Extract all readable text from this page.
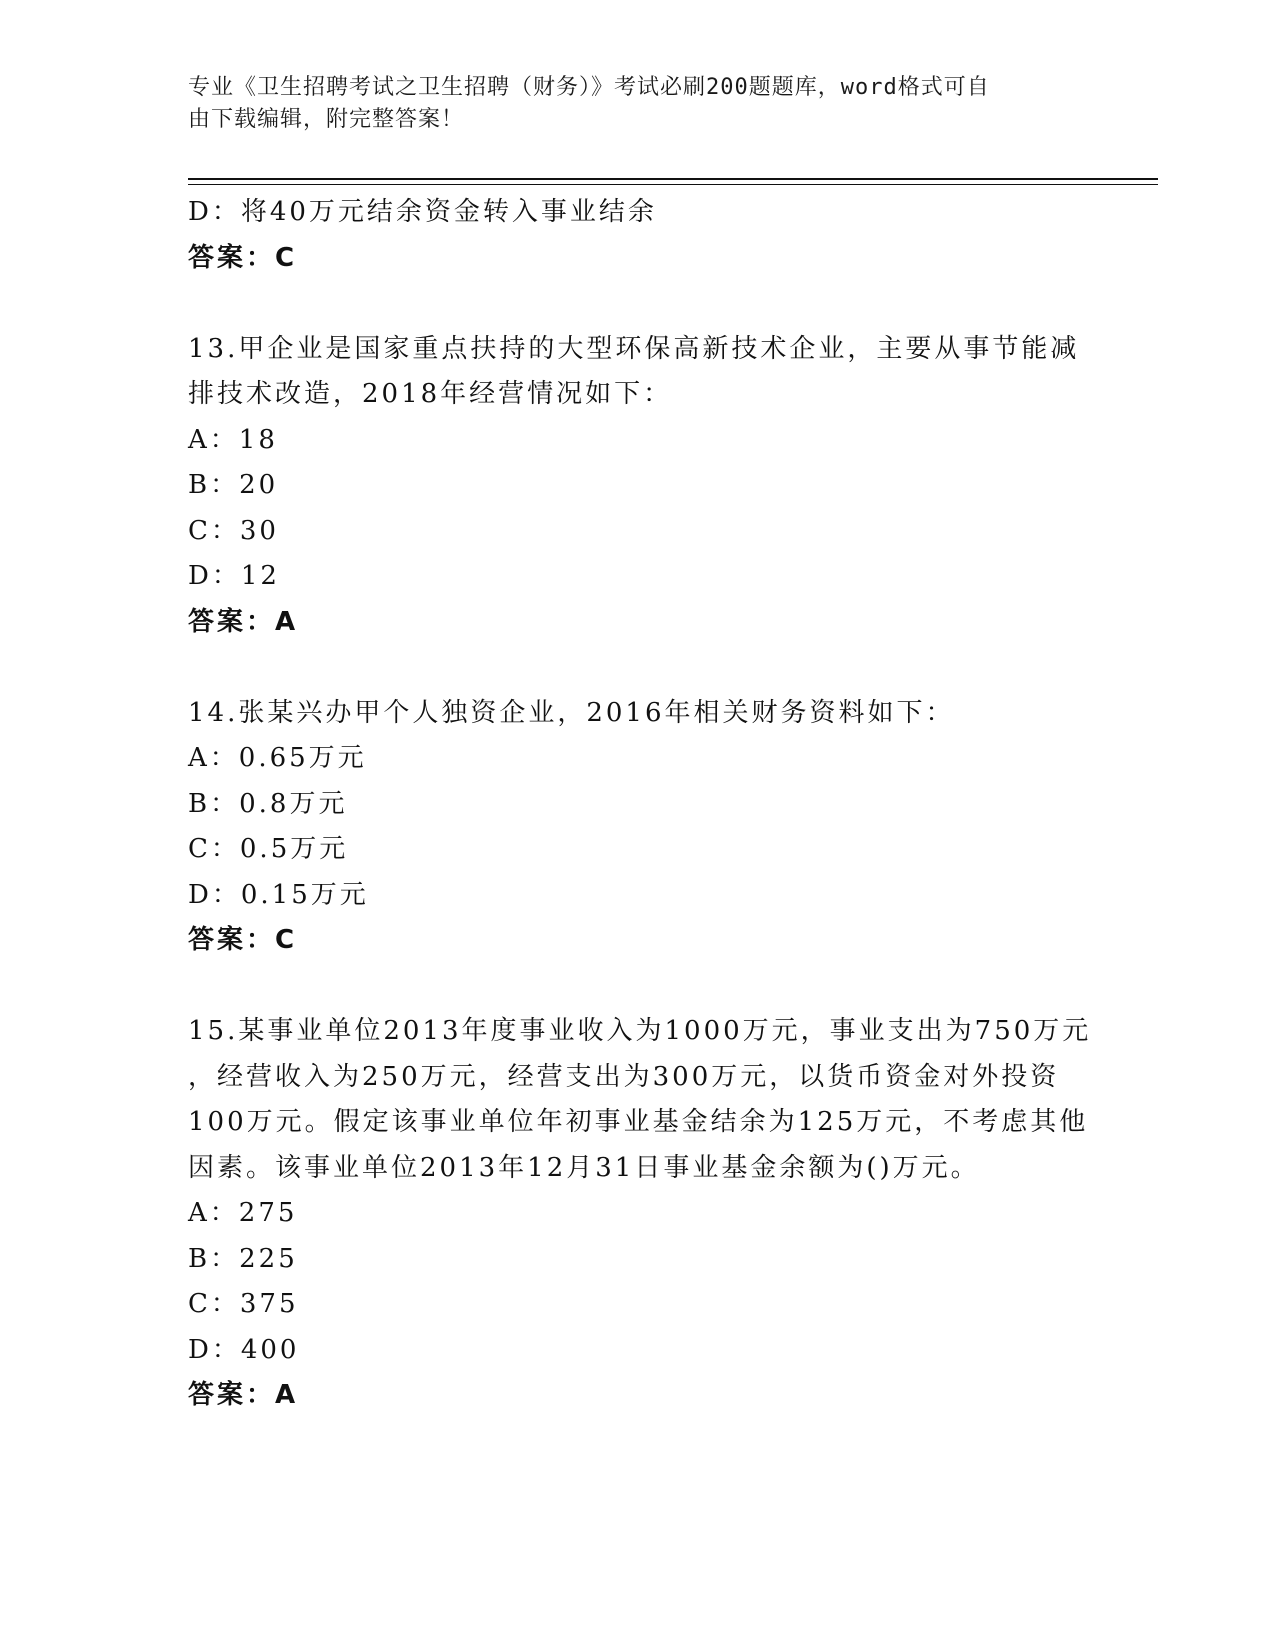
专业《卫生招聘考试之卫生招聘（财务）》考试必刷200题题库，word格式可自
由下载编辑，附完整答案！
D：将40万元结余资金转入事业结余
答案：C
13.甲企业是国家重点扶持的大型环保高新技术企业，主要从事节能减
排技术改造，2018年经营情况如下：
A：18
B：20
C：30
D：12
答案：A
14.张某兴办甲个人独资企业，2016年相关财务资料如下：
A：0.65万元
B：0.8万元
C：0.5万元
D：0.15万元
答案：C
15.某事业单位2013年度事业收入为1000万元，事业支出为750万元
，经营收入为250万元，经营支出为300万元，以货币资金对外投资
100万元。假定该事业单位年初事业基金结余为125万元，不考虑其他
因素。该事业单位2013年12月31日事业基金余额为()万元。
A：275
B：225
C：375
D：400
答案：A
